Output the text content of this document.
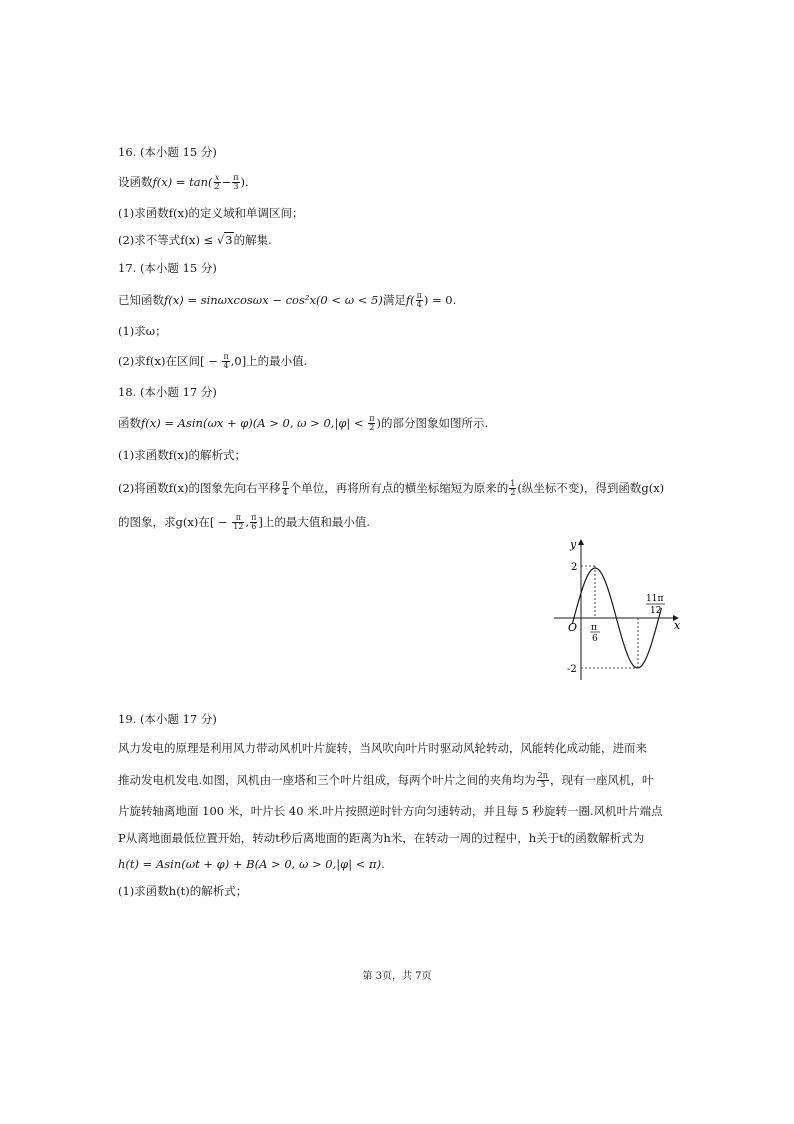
16. (本小题 15 分)
设函数$f(x) = \tan( \frac{x}{2} - \frac{\pi}{3}$ ).
(1)求函数f(x)的定义域和单调区间；
(2)求不等式f(x) ≤ √3的解集.
17. (本小题 15 分)
已知函数f(x) = sinωxcosωx − cos²x(0 < ω < 5)满足$f( \frac{\pi}{4}$ ) = 0.
(1)求ω；
(2)求f(x)在区间[ − $\frac{\pi}{4} ,0$]上的最小值.
18. (本小题 17 分)
函数f(x) = Asin(ωx + φ)(A > 0, $\omega > 0,|\varphi| < \frac{\pi}{2}$ )的部分图象如图所示.
(1)求函数f(x)的解析式；
(2)将函数f(x)的图象先向右平移 $\frac{\pi}{4}$ 个单位，再将所有点的横坐标缩短为原来的 $\frac{1}{2}$ (纵坐标不变)，得到函数g(x)
的图象，求g(x)在[ − $\frac{\pi}{12}$ , $\frac{\pi}{6}$ ]上的最大值和最小值.
y
x
O
2
-2
π
6
11π
12
19. (本小题 17 分)
风力发电的原理是利用风力带动风机叶片旋转，当风吹向叶片时驱动风轮转动，风能转化成动能，进而来
推动发电机发电.如图，风机由一座塔和三个叶片组成，每两个叶片之间的夹角均为 $\frac{2\pi}{3}$ ，现有一座风机，叶
片旋转轴离地面 100 米，叶片长 40 米.叶片按照逆时针方向匀速转动，并且每 5 秒旋转一圈.风机叶片端点
P从离地面最低位置开始，转动t秒后离地面的距离为h米，在转动一周的过程中，h关于t的函数解析式为
h(t) = Asin(ωt + φ) + B(A > 0, ω > 0,|φ| < π).
(1)求函数h(t)的解析式；
第 3页，共 7页
